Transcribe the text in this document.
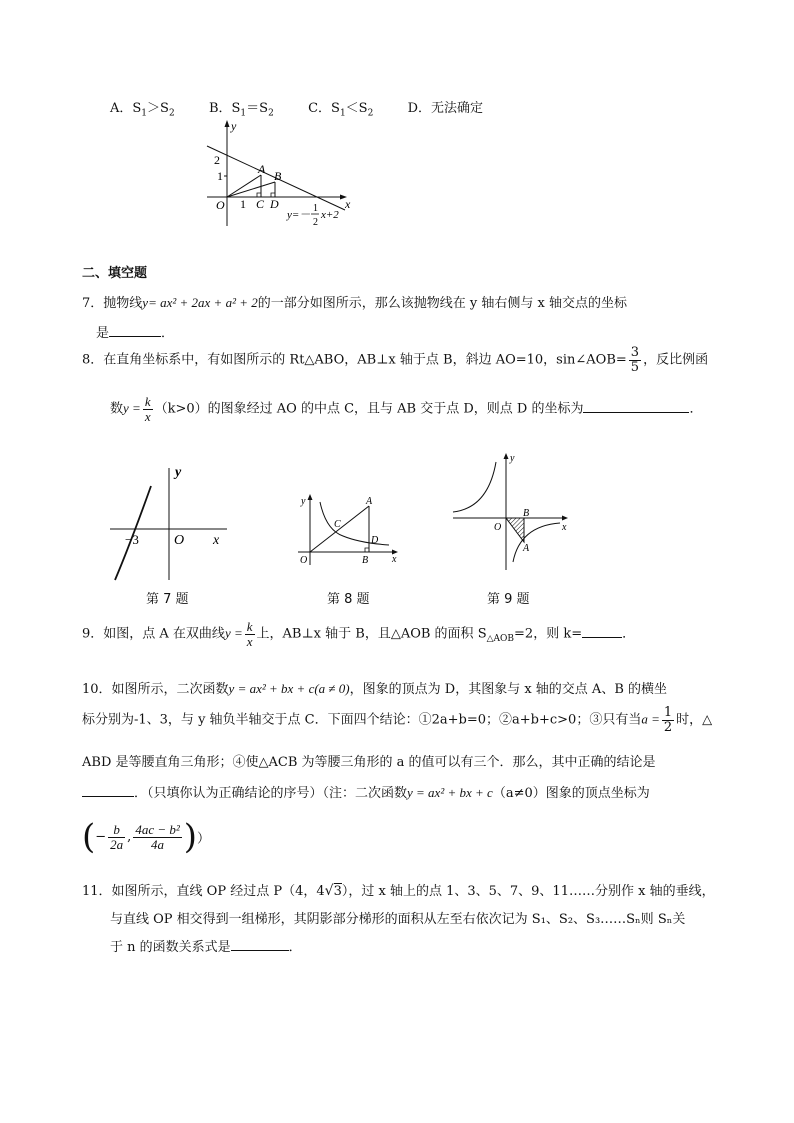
A．$S_1>S_2$	B．$S_1=S_2$	C．$S_1<S_2$	D．无法确定
y
x
O
2
1
1
A B
C D
y=－
1
2
x+2
二、填空题
7．抛物线y= ax² + 2ax + a² + 2的一部分如图所示，那么该抛物线在 y 轴右侧与 x 轴交点的坐标
是	．
8．在直角坐标系中，有如图所示的 Rt△ABO，AB⊥x 轴于点 B，斜边 AO=10，sin∠AOB= $\frac{3}{5}$ ，反比例函
数$y = \frac{k}{x} (k>0)$的图象经过 AO 的中点 C，且与 AB 交于点 D，则点 D 的坐标为	．
y
O x
−3
第 7 题
y
x
O
A
B
C
D
第 8 题
y
x
O
B
A
第 9 题
9．如图，点 A 在双曲线$y = \frac{k}{x}$ 上，AB⊥x 轴于 B，且△AOB 的面积 $S_{\triangle AOB}=2$，则 k=	．
10．如图所示，二次函数y = ax² + bx + c(a ≠ 0)，图象的顶点为 D，其图象与 x 轴的交点 A、B 的横坐
标分别为-1、3，与 y 轴负半轴交于点 C．下面四个结论：①2a+b=0；②a+b+c>0；③只有当$a = \frac{1}{2}$ 时，△
ABD 是等腰直角三角形；④使△ACB 为等腰三角形的 a 的值可以有三个．那么，其中正确的结论是
．（只填你认为正确结论的序号）（注：二次函数y = ax² + bx + c（a≠0）图象的顶点坐标为
(− $\frac{b}{2a}$ , $\frac{\text{4ac − b²}}{4a}$ )）
11．如图所示，直线 OP 经过点 P（4，4√3），过 x 轴上的点 1、3、5、7、9、11……分别作 x 轴的垂线，
与直线 OP 相交得到一组梯形，其阴影部分梯形的面积从左至右依次记为 S₁、S₂、S₃……Sₙ则 Sₙ关
于 n 的函数关系式是	．
